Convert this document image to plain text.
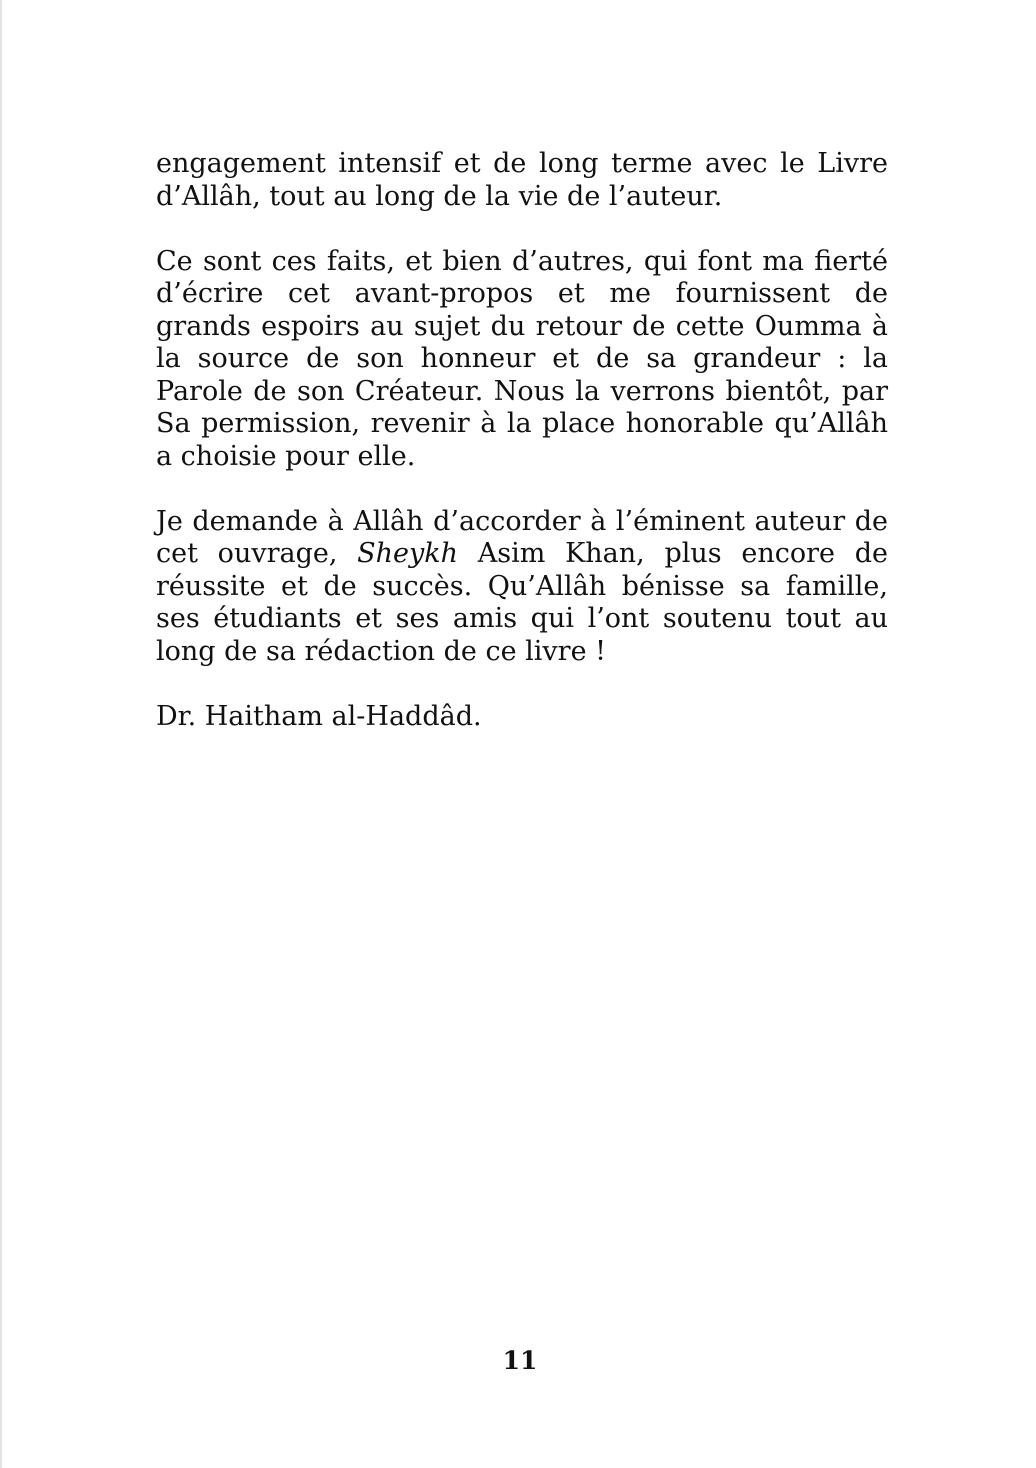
engagement intensif et de long terme avec le Livre d’Allâh, tout au long de la vie de l’auteur.

Ce sont ces faits, et bien d’autres, qui font ma fierté d’écrire cet avant-propos et me fournissent de grands espoirs au sujet du retour de cette Oumma à la source de son honneur et de sa grandeur : la Parole de son Créateur. Nous la verrons bientôt, par Sa permission, revenir à la place honorable qu’Allâh a choisie pour elle.

Je demande à Allâh d’accorder à l’éminent auteur de cet ouvrage, Sheykh Asim Khan, plus encore de réussite et de succès. Qu’Allâh bénisse sa famille, ses étudiants et ses amis qui l’ont soutenu tout au long de sa rédaction de ce livre !

Dr. Haitham al-Haddâd.

11
